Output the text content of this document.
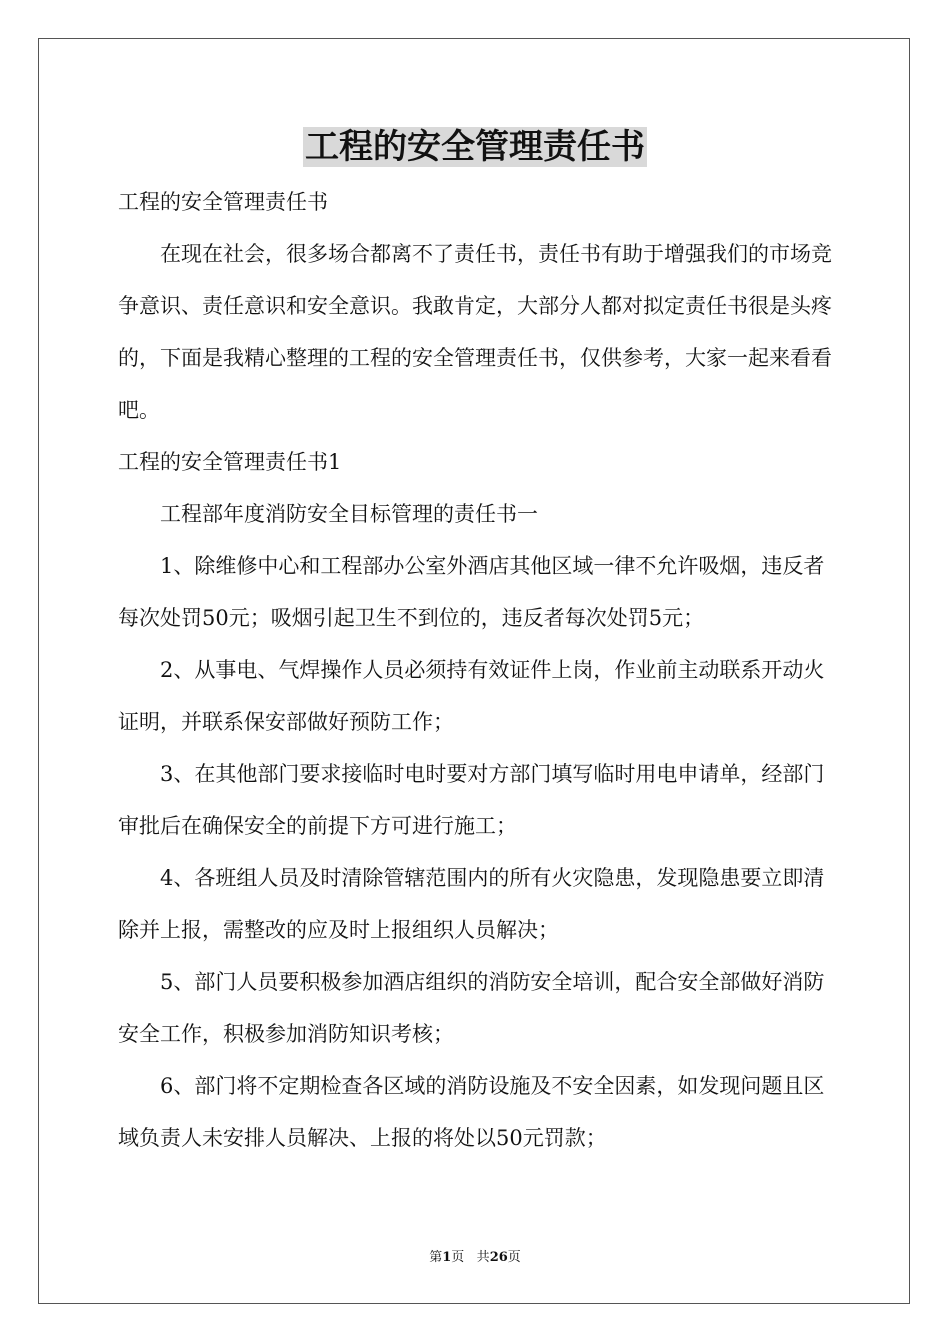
工程的安全管理责任书

工程的安全管理责任书

在现在社会，很多场合都离不了责任书，责任书有助于增强我们的市场竞争意识、责任意识和安全意识。我敢肯定，大部分人都对拟定责任书很是头疼的，下面是我精心整理的工程的安全管理责任书，仅供参考，大家一起来看看吧。

工程的安全管理责任书1

工程部年度消防安全目标管理的责任书一

1、除维修中心和工程部办公室外酒店其他区域一律不允许吸烟，违反者每次处罚50元；吸烟引起卫生不到位的，违反者每次处罚5元；

2、从事电、气焊操作人员必须持有效证件上岗，作业前主动联系开动火证明，并联系保安部做好预防工作；

3、在其他部门要求接临时电时要对方部门填写临时用电申请单，经部门审批后在确保安全的前提下方可进行施工；

4、各班组人员及时清除管辖范围内的所有火灾隐患，发现隐患要立即清除并上报，需整改的应及时上报组织人员解决；

5、部门人员要积极参加酒店组织的消防安全培训，配合安全部做好消防安全工作，积极参加消防知识考核；

6、部门将不定期检查各区域的消防设施及不安全因素，如发现问题且区域负责人未安排人员解决、上报的将处以50元罚款；

第1页 共26页
